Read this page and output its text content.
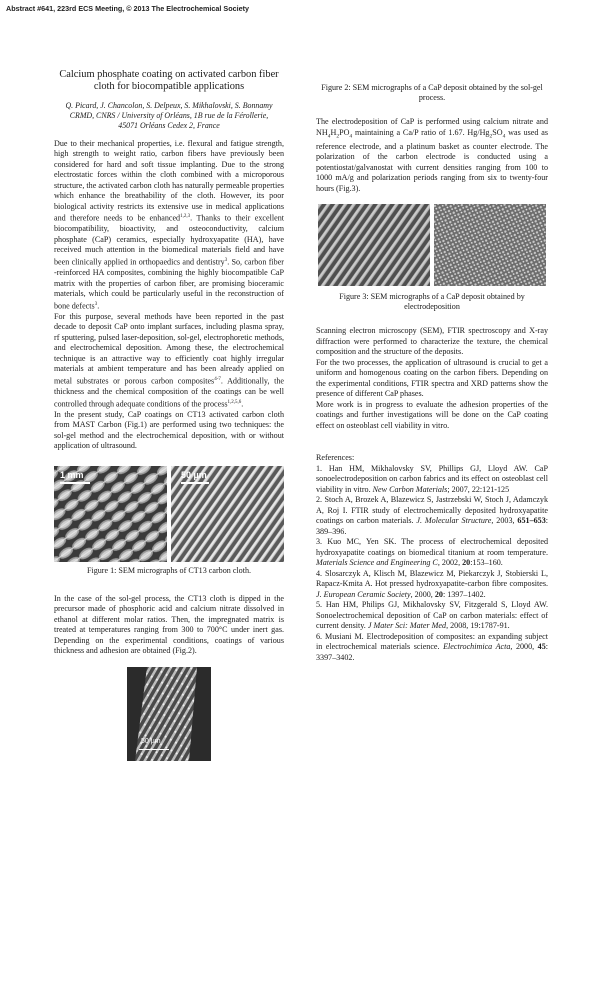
Abstract #641, 223rd ECS Meeting, © 2013 The Electrochemical Society
Calcium phosphate coating on activated carbon fiber cloth for biocompatible applications
Q. Picard, J. Chancolon, S. Delpeux, S. Mikhalovski, S. Bonnamy
CRMD, CNRS / University of Orléans, 1B rue de la Férollerie,
45071 Orléans Cedex 2, France

Due to their mechanical properties, i.e. flexural and fatigue strength, high strength to weight ratio, carbon fibers have previously been considered for hard and soft tissue implanting. Due to the strong electrostatic forces within the cloth combined with a microporous structure, the activated carbon cloth has naturally permeable properties which enhance the breathability of the cloth. However, its poor biological activity restricts its extensive use in medical applications and therefore needs to be enhanced$^{1,2,3}$. Thanks to their excellent biocompatibility, bioactivity, and osteoconductivity, calcium phosphate (CaP) ceramics, especially hydroxyapatite (HA), have received much attention in the biomedical materials field and have been clinically applied in orthopaedics and dentistry$^3$. So, carbon fiber -reinforced HA composites, combining the highly biocompatible CaP matrix with the properties of carbon fiber, are promising bioceramic materials, which could be particularly useful in the reconstruction of bone defects$^3$.

For this purpose, several methods have been reported in the past decade to deposit CaP onto implant surfaces, including plasma spray, rf sputtering, pulsed laser-deposition, sol-gel, electrophoretic methods, and electrochemical deposition. Among these, the electrochemical technique is an attractive way to efficiently coat highly irregular materials at ambient temperature and has been already applied on metal substrates or porous carbon composites$^{4-7}$. Additionally, the thickness and the chemical composition of the coatings can be well controlled through adequate conditions of the process$^{1,2,5,6}$.

In the present study, CaP coatings on CT13 activated carbon cloth from MAST Carbon (Fig.1) are performed using two techniques: the sol-gel method and the electrochemical deposition, with or without application of ultrasound.

1 mm	50 µm
Figure 1: SEM micrographs of CT13 carbon cloth.

In the case of the sol-gel process, the CT13 cloth is dipped in the precursor made of phosphoric acid and calcium nitrate dissolved in ethanol at different molar ratios. Then, the impregnated matrix is treated at temperatures ranging from 300 to 700°C under inert gas. Depending on the experimental conditions, coatings of various thickness and adhesion are obtained (Fig.2).

50 µm
Figure 2: SEM micrographs of a CaP deposit obtained by the sol-gel process.

The electrodeposition of CaP is performed using calcium nitrate and $NH_4H_2PO_4$ maintaining a Ca/P ratio of 1.67. $Hg/Hg_2SO_4$ was used as reference electrode, and a platinum basket as counter electrode. The polarization of the carbon electrode is conducted using a potentiostat/galvanostat with current densities ranging from 100 to 1000 mA/g and polarization periods ranging from six to twenty-four hours (Fig.3).

Figure 3: SEM micrographs of a CaP deposit obtained by electrodeposition

Scanning electron microscopy (SEM), FTIR spectroscopy and X-ray diffraction were performed to characterize the texture, the chemical composition and the structure of the deposits.

For the two processes, the application of ultrasound is crucial to get a uniform and homogenous coating on the carbon fibers. Depending on the experimental conditions, FTIR spectra and XRD patterns show the presence of different CaP phases.

More work is in progress to evaluate the adhesion properties of the coatings and further investigations will be done on the CaP coating effect on osteoblast cell viability in vitro.

References:

1. Han HM, Mikhalovsky SV, Phillips GJ, Lloyd AW. CaP sonoelectrodeposition on carbon fabrics and its effect on osteoblast cell viability in vitro. New Carbon Materials; 2007, 22:121-125

2. Stoch A, Brozek A, Blazewicz S, Jastrzebski W, Stoch J, Adamczyk A, Roj I. FTIR study of electrochemically deposited hydroxyapatite coatings on carbon materials. J. Molecular Structure, 2003, 651–653: 389–396.

3. Kuo MC, Yen SK. The process of electrochemical deposited hydroxyapatite coatings on biomedical titanium at room temperature. Materials Science and Engineering C, 2002, 20:153–160.

4. Slosarczyk A, Klisch M, Blazewicz M, Piekarczyk J, Stobierski L, Rapacz-Kmita A. Hot pressed hydroxyapatite-carbon fibre composites. J. European Ceramic Society, 2000, 20: 1397–1402.

5. Han HM, Philips GJ, Mikhalovsky SV, Fitzgerald S, Lloyd AW. Sonoelectrochemical deposition of CaP on carbon materials: effect of current density. J Mater Sci: Mater Med, 2008, 19:1787-91.

6. Musiani M. Electrodeposition of composites: an expanding subject in electrochemical materials science. Electrochimica Acta, 2000, 45: 3397–3402.
